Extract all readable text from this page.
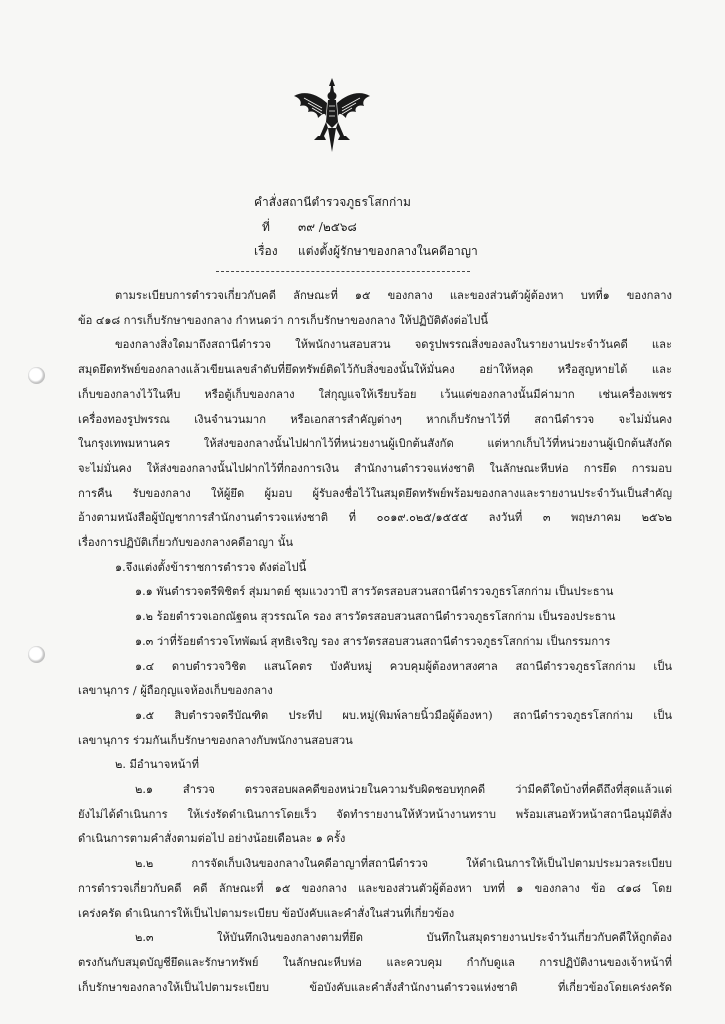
คำสั่งสถานีตำรวจภูธรโสกก่าม
ที่ ๓๙ /๒๕๖๘
เรื่อง แต่งตั้งผู้รักษาของกลางในคดีอาญา

ตามระเบียบการตำรวจเกี่ยวกับคดี ลักษณะที่ ๑๕ ของกลาง และของส่วนตัวผู้ต้องหา บทที่๑ ของกลาง

ข้อ ๔๑๘ การเก็บรักษาของกลาง กำหนดว่า การเก็บรักษาของกลาง ให้ปฏิบัติดังต่อไปนี้

ของกลางสิ่งใดมาถึงสถานีตำรวจ ให้พนักงานสอบสวน จดรูปพรรณสิ่งของลงในรายงานประจำวันคดี และ

สมุดยึดทรัพย์ของกลางแล้วเขียนเลขลำดับที่ยึดทรัพย์ติดไว้กับสิ่งของนั้นให้มั่นคง อย่าให้หลุด หรือสูญหายได้ และ

เก็บของกลางไว้ในหีบ หรือตู้เก็บของกลาง ใส่กุญแจให้เรียบร้อย เว้นแต่ของกลางนั้นมีค่ามาก เช่นเครื่องเพชร

เครื่องทองรูปพรรณ เงินจำนวนมาก หรือเอกสารสำคัญต่างๆ หากเก็บรักษาไว้ที่ สถานีตำรวจ จะไม่มั่นคง

ในกรุงเทพมหานคร ให้ส่งของกลางนั้นไปฝากไว้ที่หน่วยงานผู้เบิกต้นสังกัด แต่หากเก็บไว้ที่หน่วยงานผู้เบิกต้นสังกัด

จะไม่มั่นคง ให้ส่งของกลางนั้นไปฝากไว้ที่กองการเงิน สำนักงานตำรวจแห่งชาติ ในลักษณะหีบห่อ การยึด การมอบ

การคืน รับของกลาง ให้ผู้ยึด ผู้มอบ ผู้รับลงชื่อไว้ในสมุดยึดทรัพย์พร้อมของกลางและรายงานประจำวันเป็นสำคัญ

อ้างตามหนังสือผู้บัญชาการสำนักงานตำรวจแห่งชาติ ที่ ๐๐๑๙.๐๒๕/๑๕๕๕ ลงวันที่ ๓ พฤษภาคม ๒๕๖๒

เรื่องการปฏิบัติเกี่ยวกับของกลางคดีอาญา นั้น

๑.จึงแต่งตั้งข้าราชการตำรวจ ดังต่อไปนี้

๑.๑ พันตำรวจตรีพิชิตร์ สุ่มมาตย์ ชุมแวงวาปี สารวัตรสอบสวนสถานีตำรวจภูธรโสกก่าม เป็นประธาน

๑.๒ ร้อยตำรวจเอกณัฐดน สุวรรณโค รอง สารวัตรสอบสวนสถานีตำรวจภูธรโสกก่าม เป็นรองประธาน

๑.๓ ว่าที่ร้อยตำรวจโทพัฒน์ สุทธิเจริญ รอง สารวัตรสอบสวนสถานีตำรวจภูธรโสกก่าม เป็นกรรมการ

๑.๔ ดาบตำรวจวิชิต แสนโคตร บังคับหมู่ ควบคุมผู้ต้องหาสงศาล สถานีตำรวจภูธรโสกก่าม เป็น

เลขานุการ / ผู้ถือกุญแจห้องเก็บของกลาง

๑.๕ สิบตำรวจตรีบัณฑิต ประทีป ผบ.หมู่(พิมพ์ลายนิ้วมือผู้ต้องหา) สถานีตำรวจภูธรโสกก่าม เป็น

เลขานุการ ร่วมกันเก็บรักษาของกลางกับพนักงานสอบสวน

๒. มีอำนาจหน้าที่

๒.๑ สำรวจ ตรวจสอบผลคดีของหน่วยในความรับผิดชอบทุกคดี ว่ามีคดีใดบ้างที่คดีถึงที่สุดแล้วแต่

ยังไม่ได้ดำเนินการ ให้เร่งรัดดำเนินการโดยเร็ว จัดทำรายงานให้หัวหน้างานทราบ พร้อมเสนอหัวหน้าสถานีอนุมัติสั่ง

ดำเนินการตามคำสั่งตามต่อไป อย่างน้อยเดือนละ ๑ ครั้ง

๒.๒ การจัดเก็บเงินของกลางในคดีอาญาที่สถานีตำรวจ ให้ดำเนินการให้เป็นไปตามประมวลระเบียบ

การตำรวจเกี่ยวกับคดี คดี ลักษณะที่ ๑๕ ของกลาง และของส่วนตัวผู้ต้องหา บทที่ ๑ ของกลาง ข้อ ๔๑๘ โดย

เคร่งครัด ดำเนินการให้เป็นไปตามระเบียบ ข้อบังคับและคำสั่งในส่วนที่เกี่ยวข้อง

๒.๓ ให้บันทึกเงินของกลางตามที่ยึด บันทึกในสมุดรายงานประจำวันเกี่ยวกับคดีให้ถูกต้อง

ตรงกันกับสมุดบัญชียึดและรักษาทรัพย์ ในลักษณะหีบห่อ และควบคุม กำกับดูแล การปฏิบัติงานของเจ้าหน้าที่

เก็บรักษาของกลางให้เป็นไปตามระเบียบ ข้อบังคับและคำสั่งสำนักงานตำรวจแห่งชาติ ที่เกี่ยวข้องโดยเคร่งครัด
